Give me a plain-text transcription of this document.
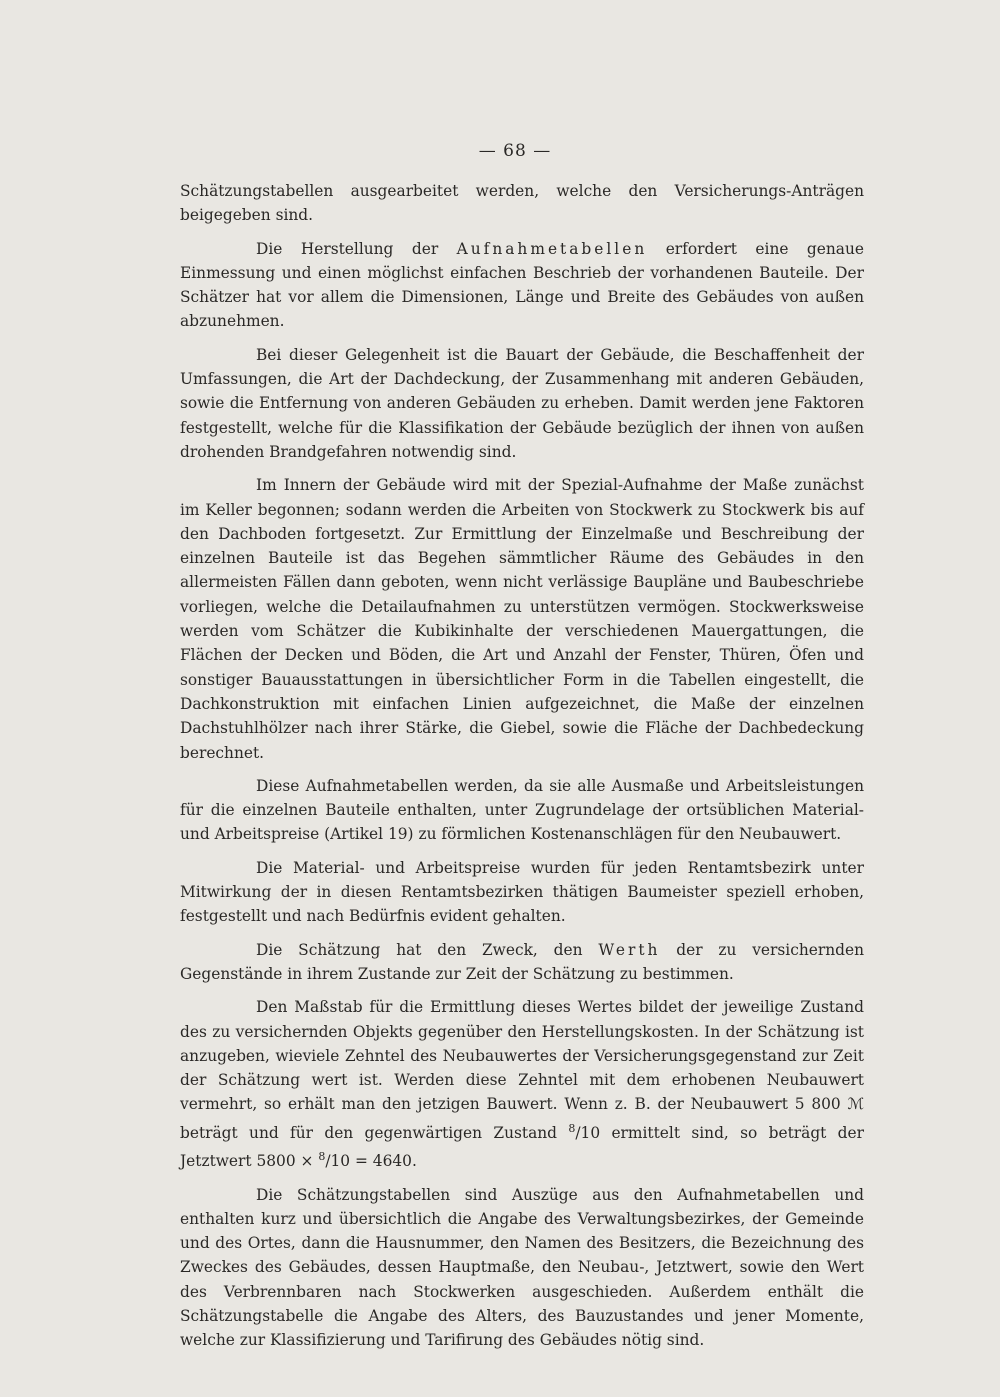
— 68 —

Schätzungstabellen ausgearbeitet werden, welche den Versicherungs-Anträgen beigegeben sind.

Die Herstellung der Aufnahmetabellen erfordert eine genaue Einmessung und einen möglichst einfachen Beschrieb der vorhandenen Bauteile. Der Schätzer hat vor allem die Dimensionen, Länge und Breite des Gebäudes von außen abzunehmen.

Bei dieser Gelegenheit ist die Bauart der Gebäude, die Beschaffenheit der Umfassungen, die Art der Dachdeckung, der Zusammenhang mit anderen Gebäuden, sowie die Entfernung von anderen Gebäuden zu erheben. Damit werden jene Faktoren festgestellt, welche für die Klassifikation der Gebäude bezüglich der ihnen von außen drohenden Brandgefahren notwendig sind.

Im Innern der Gebäude wird mit der Spezial-Aufnahme der Maße zunächst im Keller begonnen; sodann werden die Arbeiten von Stockwerk zu Stockwerk bis auf den Dachboden fortgesetzt. Zur Ermittlung der Einzelmaße und Beschreibung der einzelnen Bauteile ist das Begehen sämmtlicher Räume des Gebäudes in den allermeisten Fällen dann geboten, wenn nicht verlässige Baupläne und Baubeschriebe vorliegen, welche die Detailaufnahmen zu unterstützen vermögen. Stockwerksweise werden vom Schätzer die Kubikinhalte der verschiedenen Mauergattungen, die Flächen der Decken und Böden, die Art und Anzahl der Fenster, Thüren, Öfen und sonstiger Bauausstattungen in übersichtlicher Form in die Tabellen eingestellt, die Dachkonstruktion mit einfachen Linien aufgezeichnet, die Maße der einzelnen Dachstuhlhölzer nach ihrer Stärke, die Giebel, sowie die Fläche der Dachbedeckung berechnet.

Diese Aufnahmetabellen werden, da sie alle Ausmaße und Arbeitsleistungen für die einzelnen Bauteile enthalten, unter Zugrundelage der ortsüblichen Material- und Arbeitspreise (Artikel 19) zu förmlichen Kostenanschlägen für den Neubauwert.

Die Material- und Arbeitspreise wurden für jeden Rentamtsbezirk unter Mitwirkung der in diesen Rentamtsbezirken thätigen Baumeister speziell erhoben, festgestellt und nach Bedürfnis evident gehalten.

Die Schätzung hat den Zweck, den Werth der zu versichernden Gegenstände in ihrem Zustande zur Zeit der Schätzung zu bestimmen.

Den Maßstab für die Ermittlung dieses Wertes bildet der jeweilige Zustand des zu versichernden Objekts gegenüber den Herstellungskosten. In der Schätzung ist anzugeben, wieviele Zehntel des Neubauwertes der Versicherungsgegenstand zur Zeit der Schätzung wert ist. Werden diese Zehntel mit dem erhobenen Neubauwert vermehrt, so erhält man den jetzigen Bauwert. Wenn z. B. der Neubauwert 5 800 ℳ beträgt und für den gegenwärtigen Zustand $^8$/10 ermittelt sind, so beträgt der Jetztwert 5800 × $^8$/10 = 4640.

Die Schätzungstabellen sind Auszüge aus den Aufnahmetabellen und enthalten kurz und übersichtlich die Angabe des Verwaltungsbezirkes, der Gemeinde und des Ortes, dann die Hausnummer, den Namen des Besitzers, die Bezeichnung des Zweckes des Gebäudes, dessen Hauptmaße, den Neubau-, Jetztwert, sowie den Wert des Verbrennbaren nach Stockwerken ausgeschieden. Außerdem enthält die Schätzungstabelle die Angabe des Alters, des Bauzustandes und jener Momente, welche zur Klassifizierung und Tarifirung des Gebäudes nötig sind.
